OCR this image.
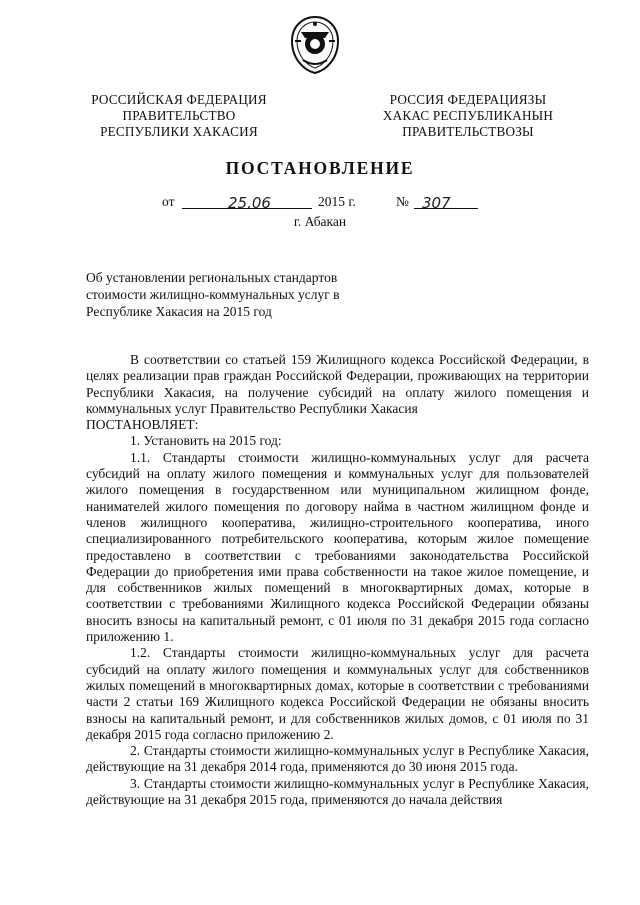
РОССИЙСКАЯ ФЕДЕРАЦИЯ
ПРАВИТЕЛЬСТВО
РЕСПУБЛИКИ ХАКАСИЯ
РОССИЯ ФЕДЕРАЦИЯЗЫ
ХАКАС РЕСПУБЛИКАНЫН
ПРАВИТЕЛЬСТВОЗЫ
ПОСТАНОВЛЕНИЕ
от	25.06	2015 г.	№ 307
г. Абакан
Об установлении региональных стандартов стоимости жилищно-коммунальных услуг в Республике Хакасия на 2015 год

В соответствии со статьей 159 Жилищного кодекса Российской Федерации, в целях реализации прав граждан Российской Федерации, проживающих на территории Республики Хакасия, на получение субсидий на оплату жилого помещения и коммунальных услуг Правительство Республики Хакасия

ПОСТАНОВЛЯЕТ:

1. Установить на 2015 год:

1.1. Стандарты стоимости жилищно-коммунальных услуг для расчета субсидий на оплату жилого помещения и коммунальных услуг для пользователей жилого помещения в государственном или муниципальном жилищном фонде, нанимателей жилого помещения по договору найма в частном жилищном фонде и членов жилищного кооператива, жилищно-строительного кооператива, иного специализированного потребительского кооператива, которым жилое помещение предоставлено в соответствии с требованиями законодательства Российской Федерации до приобретения ими права собственности на такое жилое помещение, и для собственников жилых помещений в многоквартирных домах, которые в соответствии с требованиями Жилищного кодекса Российской Федерации обязаны вносить взносы на капитальный ремонт, с 01 июля по 31 декабря 2015 года согласно приложению 1.

1.2. Стандарты стоимости жилищно-коммунальных услуг для расчета субсидий на оплату жилого помещения и коммунальных услуг для собственников жилых помещений в многоквартирных домах, которые в соответствии с требованиями части 2 статьи 169 Жилищного кодекса Российской Федерации не обязаны вносить взносы на капитальный ремонт, и для собственников жилых домов, с 01 июля по 31 декабря 2015 года согласно приложению 2.

2. Стандарты стоимости жилищно-коммунальных услуг в Республике Хакасия, действующие на 31 декабря 2014 года, применяются до 30 июня 2015 года.

3. Стандарты стоимости жилищно-коммунальных услуг в Республике Хакасия, действующие на 31 декабря 2015 года, применяются до начала действия
